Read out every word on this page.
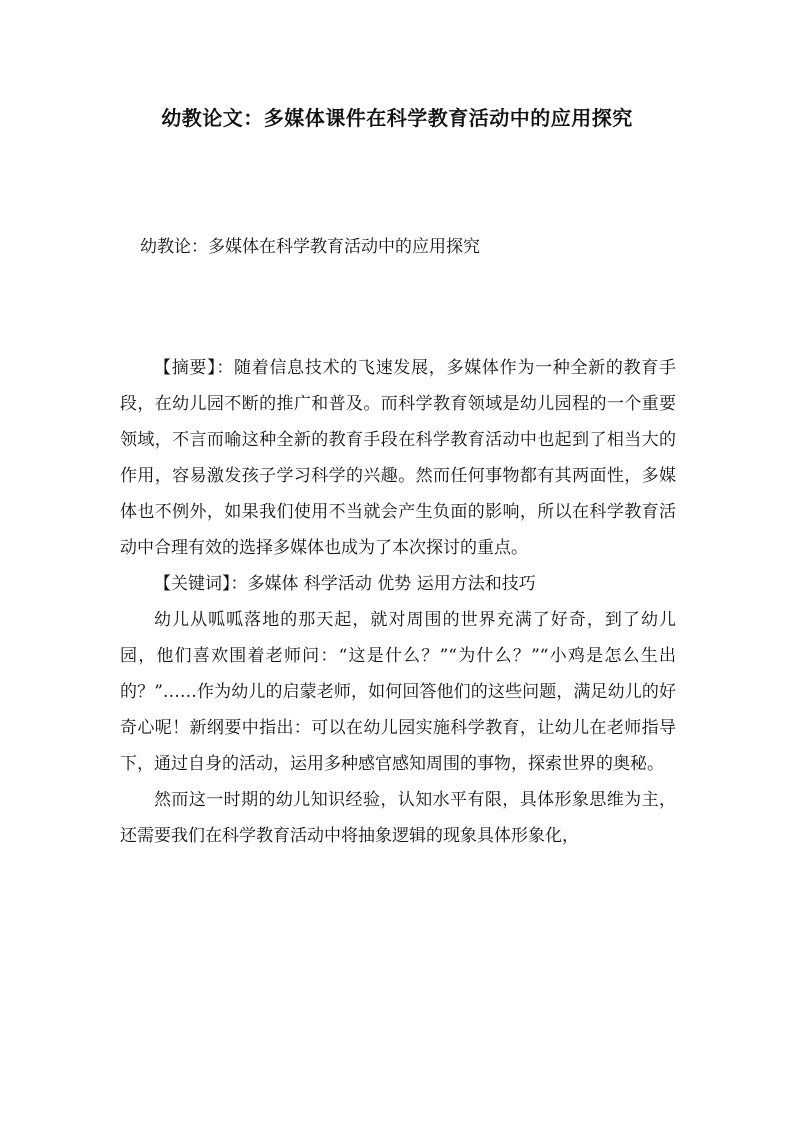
幼教论文：多媒体课件在科学教育活动中的应用探究
幼教论：多媒体在科学教育活动中的应用探究

【摘要】：随着信息技术的飞速发展，多媒体作为一种全新的教育手段，在幼儿园不断的推广和普及。而科学教育领域是幼儿园程的一个重要领域，不言而喻这种全新的教育手段在科学教育活动中也起到了相当大的作用，容易激发孩子学习科学的兴趣。然而任何事物都有其两面性，多媒体也不例外，如果我们使用不当就会产生负面的影响，所以在科学教育活动中合理有效的选择多媒体也成为了本次探讨的重点。

【关键词】：多媒体 科学活动 优势 运用方法和技巧

幼儿从呱呱落地的那天起，就对周围的世界充满了好奇，到了幼儿园，他们喜欢围着老师问：“这是什么？”“为什么？”“小鸡是怎么生出的？”……作为幼儿的启蒙老师，如何回答他们的这些问题，满足幼儿的好奇心呢！新纲要中指出：可以在幼儿园实施科学教育，让幼儿在老师指导下，通过自身的活动，运用多种感官感知周围的事物，探索世界的奥秘。

然而这一时期的幼儿知识经验，认知水平有限，具体形象思维为主，还需要我们在科学教育活动中将抽象逻辑的现象具体形象化，
